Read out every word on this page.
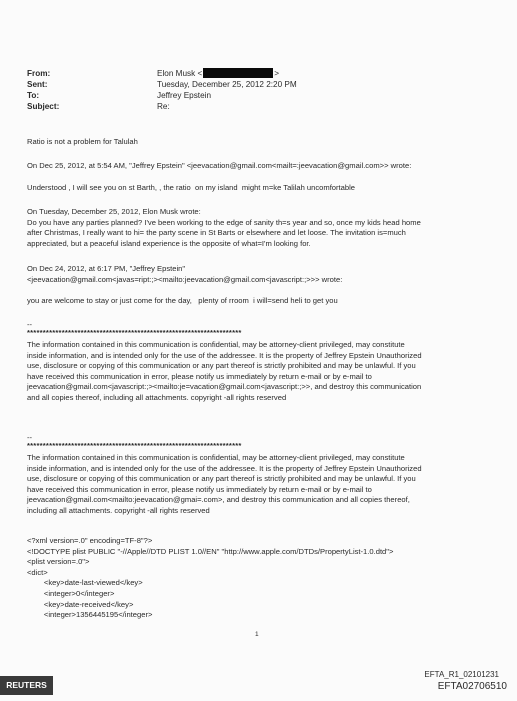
From:	Elon Musk <	>
Sent:	Tuesday, December 25, 2012 2:20 PM
To:	Jeffrey Epstein
Subject:	Re:
Ratio is not a problem for Talulah
On Dec 25, 2012, at 5:54 AM, "Jeffrey Epstein" <jeevacation@gmail.com<mailt=:jeevacation@gmail.com>> wrote:
Understood , I will see you on st Barth, , the ratio  on my island  might m=ke Talilah uncomfortable
On Tuesday, December 25, 2012, Elon Musk wrote:
Do you have any parties planned? I've been working to the edge of sanity th=s year and so, once my kids head home
after Christmas, I really want to hi= the party scene in St Barts or elsewhere and let loose. The invitation is=much
appreciated, but a peaceful island experience is the opposite of what=I'm looking for.
On Dec 24, 2012, at 6:17 PM, "Jeffrey Epstein"
<jeevacation@gmail.com<javas=ript:;><mailto:jeevacation@gmail.com<javascript:;>>> wrote:
you are welcome to stay or just come for the day,   plenty of rroom  i will=send heli to get you
--
********************************************************************
The information contained in this communication is confidential, may be attorney-client privileged, may constitute
inside information, and is intended only for the use of the addressee. It is the property of Jeffrey Epstein Unauthorized
use, disclosure or copying of this communication or any part thereof is strictly prohibited and may be unlawful. If you
have received this communication in error, please notify us immediately by return e-mail or by e-mail to
jeevacation@gmail.com<javascript:;><mailto:je=vacation@gmail.com<javascript:;>>, and destroy this communication
and all copies thereof, including all attachments. copyright -all rights reserved
--
********************************************************************
The information contained in this communication is confidential, may be attorney-client privileged, may constitute
inside information, and is intended only for the use of the addressee. It is the property of Jeffrey Epstein Unauthorized
use, disclosure or copying of this communication or any part thereof is strictly prohibited and may be unlawful. If you
have received this communication in error, please notify us immediately by return e-mail or by e-mail to
jeevacation@gmail.com<mailto:jeevacation@gmai=.com>, and destroy this communication and all copies thereof,
including all attachments. copyright -all rights reserved
<?xml version=.0" encoding=TF-8"?>
<!DOCTYPE plist PUBLIC "-//Apple//DTD PLIST 1.0//EN" "http://www.apple.com/DTDs/PropertyList-1.0.dtd">
<plist version=.0">
<dict>
<key>date-last-viewed</key>
<integer>0</integer>
<key>date-received</key>
<integer>1356445195</integer>
1
EFTA_R1_02101231
EFTA02706510
REUTERS
